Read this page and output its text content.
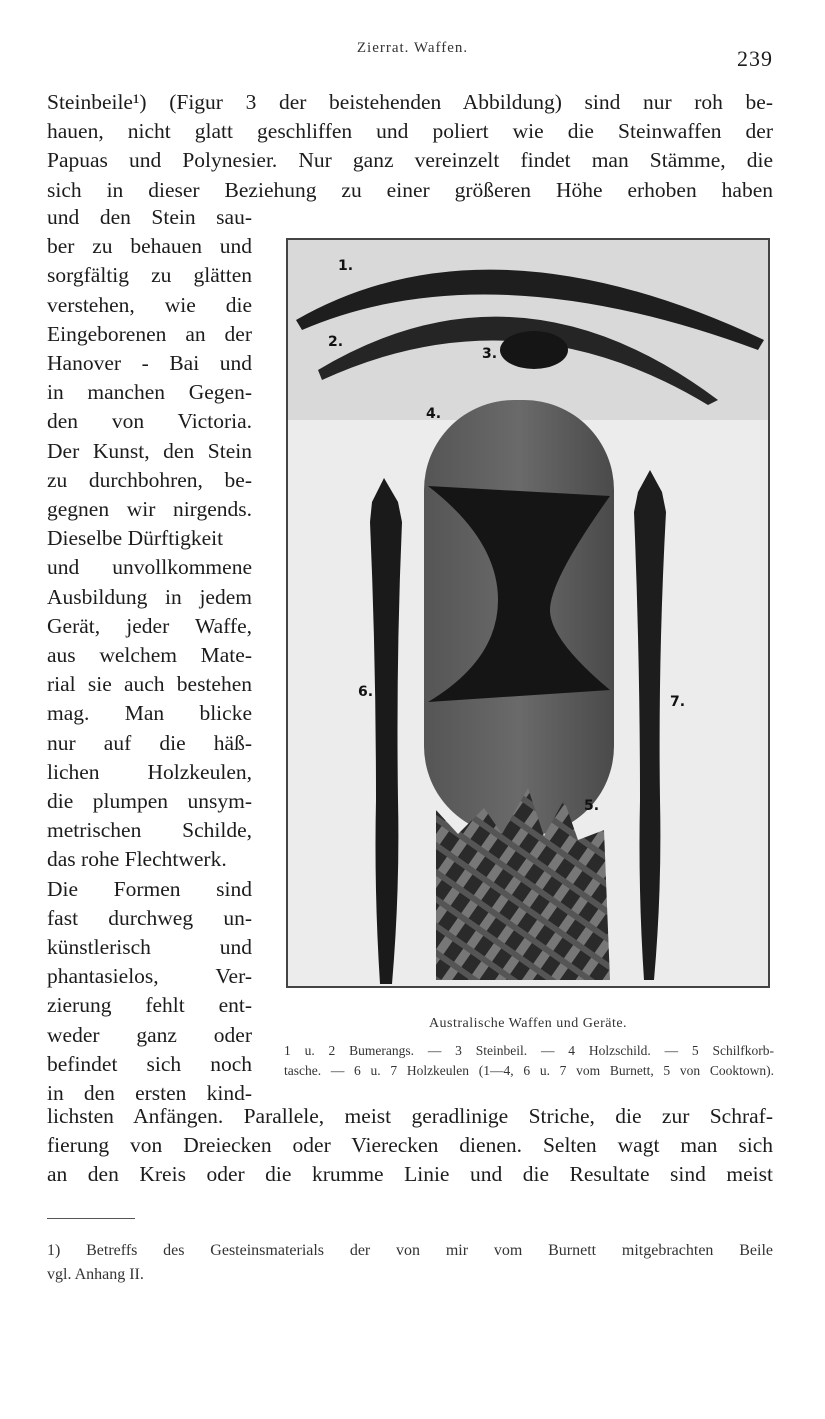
Zierrat. Waffen.	239
Steinbeile¹) (Figur 3 der beistehenden Abbildung) sind nur roh be-
hauen, nicht glatt geschliffen und poliert wie die Steinwaffen der
Papuas und Polynesier. Nur ganz vereinzelt findet man Stämme, die
sich in dieser Beziehung zu einer größeren Höhe erhoben haben
und den Stein sau-
ber zu behauen und
sorgfältig zu glätten
verstehen, wie die
Eingeborenen an der
Hanover - Bai und
in manchen Gegen-
den von Victoria.
Der Kunst, den Stein
zu durchbohren, be-
gegnen wir nirgends.
Dieselbe Dürftigkeit
und unvollkommene
Ausbildung in jedem
Gerät, jeder Waffe,
aus welchem Mate-
rial sie auch bestehen
mag. Man blicke
nur auf die häß-
lichen Holzkeulen,
die plumpen unsym-
metrischen Schilde,
das rohe Flechtwerk.
Die Formen sind
fast durchweg un-
künstlerisch und
phantasielos, Ver-
zierung fehlt ent-
weder ganz oder
befindet sich noch
in den ersten kind-
lichsten Anfängen. Parallele, meist geradlinige Striche, die zur Schraf-
fierung von Dreiecken oder Vierecken dienen. Selten wagt man sich
an den Kreis oder die krumme Linie und die Resultate sind meist
1.
2.
3.
4.
5.
6.
7.
Australische Waffen und Geräte.
1 u. 2 Bumerangs. — 3 Steinbeil. — 4 Holzschild. — 5 Schilfkorb-
tasche. — 6 u. 7 Holzkeulen (1—4, 6 u. 7 vom Burnett, 5 von Cooktown).
1) Betreffs des Gesteinsmaterials der von mir vom Burnett mitgebrachten Beile
vgl. Anhang II.
